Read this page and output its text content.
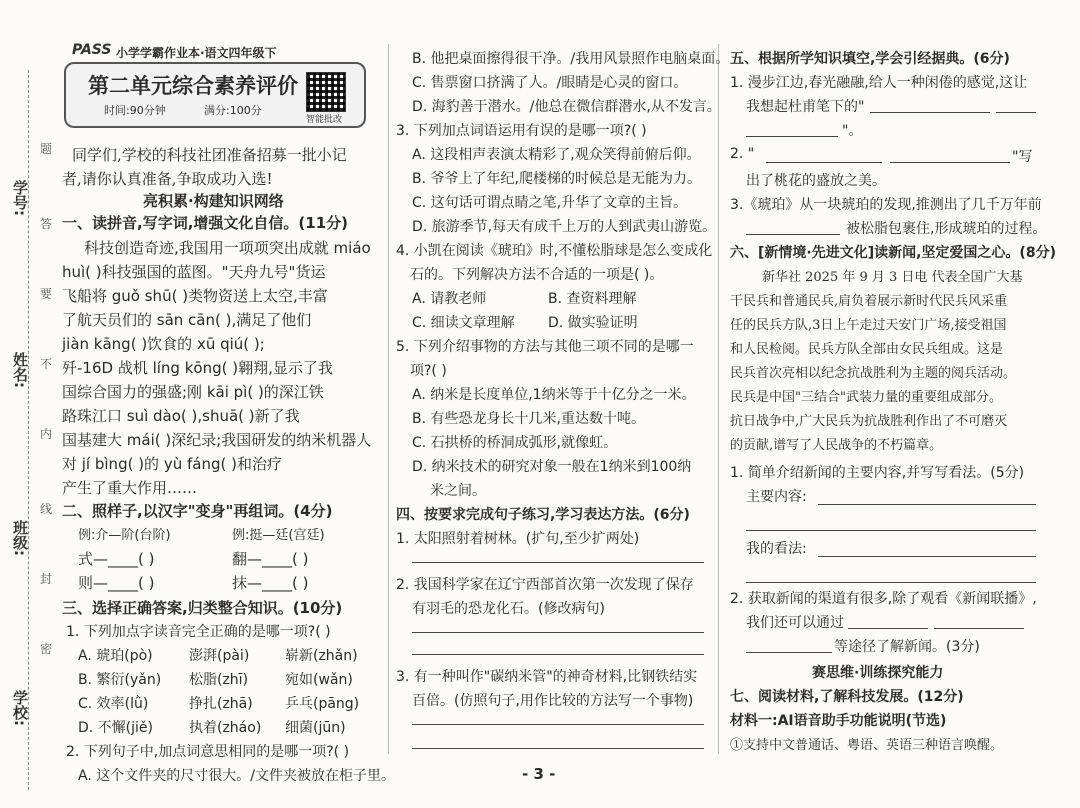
学号:
姓名:
班级:
学校:
题
答
要
不
内
线
封
密
PASS 小学学霸作业本·语文四年级下
第二单元综合素养评价
时间:90分钟	满分:100分
智能批改
同学们,学校的科技社团准备招募一批小记
者,请你认真准备,争取成功入选!
亮积累·构建知识网络
一、读拼音,写字词,增强文化自信。(11分)
科技创造奇迹,我国用一项项突出成就 miáo
huì( )科技强国的蓝图。"天舟九号"货运
飞船将 guǒ shū( )类物资送上太空,丰富
了航天员们的 sān cān( ),满足了他们
jiàn kāng( )饮食的 xū qiú( );
歼-16D 战机 líng kōng( )翱翔,显示了我
国综合国力的强盛;刚 kāi pì( )的深江铁
路珠江口 suì dào( ),shuā( )新了我
国基建大 mái( )深纪录;我国研发的纳米机器人
对 jí bìng( )的 yù fáng( )和治疗
产生了重大作用……
二、照样子,以汉字"变身"再组词。(4分)
例:介—阶(台阶)	例:挺—廷(宫廷)
式—____( )	翻—____( )
则—____( )	抹—____( )
三、选择正确答案,归类整合知识。(10分)
1. 下列加点字读音完全正确的是哪一项?( )
A. 琥珀(pò)	澎湃(pài)	崭新(zhǎn)
B. 繁衍(yǎn) 松脂(zhī)	宛如(wǎn)
C. 效率(lǜ)	挣扎(zhā) 乒乓(pāng)
D. 不懈(jiě)	执着(zháo) 细菌(jūn)
2. 下列句子中,加点词意思相同的是哪一项?( )
A. 这个文件夹的尺寸很大。/文件夹被放在柜子里。
B. 他把桌面擦得很干净。/我用风景照作电脑桌面。
C. 售票窗口挤满了人。/眼睛是心灵的窗口。
D. 海豹善于潜水。/他总在微信群潜水,从不发言。
3. 下列加点词语运用有误的是哪一项?( )
A. 这段相声表演太精彩了,观众笑得前俯后仰。
B. 爷爷上了年纪,爬楼梯的时候总是无能为力。
C. 这句话可谓点睛之笔,升华了文章的主旨。
D. 旅游季节,每天有成千上万的人到武夷山游览。
4. 小凯在阅读《琥珀》时,不懂松脂球是怎么变成化
石的。下列解决方法不合适的一项是( )。
A. 请教老师	B. 查资料理解
C. 细读文章理解 D. 做实验证明
5. 下列介绍事物的方法与其他三项不同的是哪一
项?( )
A. 纳米是长度单位,1纳米等于十亿分之一米。
B. 有些恐龙身长十几米,重达数十吨。
C. 石拱桥的桥洞成弧形,就像虹。
D. 纳米技术的研究对象一般在1纳米到100纳
米之间。
四、按要求完成句子练习,学习表达方法。(6分)
1. 太阳照射着树林。(扩句,至少扩两处)
2. 我国科学家在辽宁西部首次第一次发现了保存
有羽毛的恐龙化石。(修改病句)
3. 有一种叫作"碳纳米管"的神奇材料,比钢铁结实
百倍。(仿照句子,用作比较的方法写一个事物)
五、根据所学知识填空,学会引经据典。(6分)
1. 漫步江边,春光融融,给人一种闲倦的感觉,这让
我想起杜甫笔下的"
"。
2. "	"写
出了桃花的盛放之美。
3.《琥珀》从一块琥珀的发现,推测出了几千万年前
被松脂包裹住,形成琥珀的过程。
六、[新情境·先进文化]读新闻,坚定爱国之心。(8分)
新华社 2025 年 9 月 3 日电 代表全国广大基
干民兵和普通民兵,肩负着展示新时代民兵风采重
任的民兵方队,3日上午走过天安门广场,接受祖国
和人民检阅。民兵方队全部由女民兵组成。这是
民兵首次亮相以纪念抗战胜利为主题的阅兵活动。
民兵是中国"三结合"武装力量的重要组成部分。
抗日战争中,广大民兵为抗战胜利作出了不可磨灭
的贡献,谱写了人民战争的不朽篇章。
1. 简单介绍新闻的主要内容,并写写看法。(5分)
主要内容:
我的看法:
2. 获取新闻的渠道有很多,除了观看《新闻联播》,
我们还可以通过
等途径了解新闻。(3分)
赛思维·训练探究能力
七、阅读材料,了解科技发展。(12分)
材料一:AI语音助手功能说明(节选)
①支持中文普通话、粤语、英语三种语言唤醒。
- 3 -
